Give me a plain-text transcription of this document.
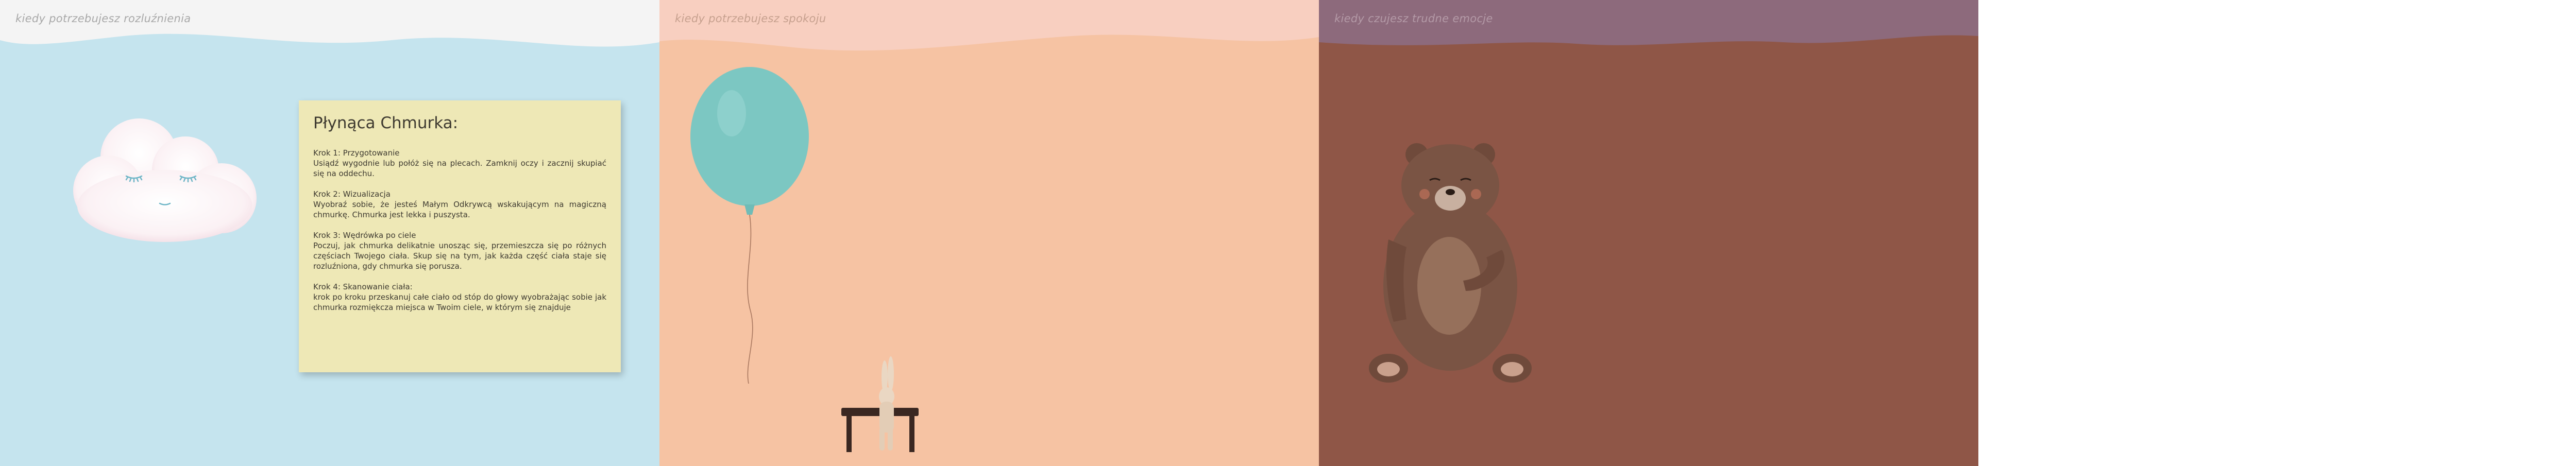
kiedy potrzebujesz rozluźnienia
Płynąca Chmurka:

Krok 1: Przygotowanie
Usiądź wygodnie lub połóż się na plecach. Zamknij oczy i zacznij skupiać się na oddechu.

Krok 2: Wizualizacja
Wyobraź sobie, że jesteś Małym Odkrywcą wskakującym na magiczną chmurkę. Chmurka jest lekka i puszysta.

Krok 3: Wędrówka po ciele
Poczuj, jak chmurka delikatnie unosząc się, przemieszcza się po różnych częściach Twojego ciała. Skup się na tym, jak każda część ciała staje się rozluźniona, gdy chmurka się porusza.

Krok 4: Skanowanie ciała:
krok po kroku przeskanuj całe ciało od stóp do głowy wyobrażając sobie jak chmurka rozmiękcza miejsca w Twoim ciele, w którym się znajduje

kiedy potrzebujesz spokoju	kiedy czujesz trudne emocje
